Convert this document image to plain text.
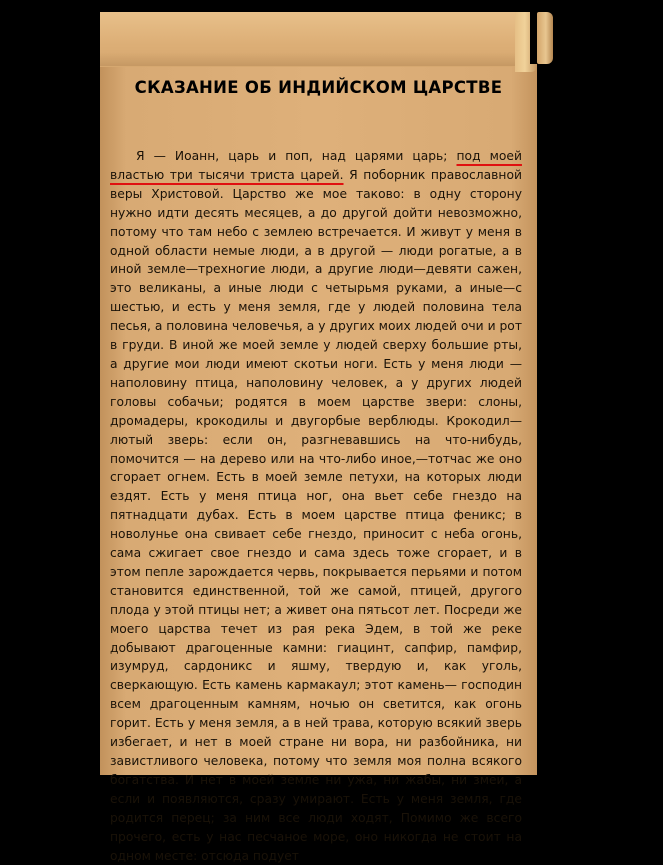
СКАЗАНИЕ ОБ ИНДИЙСКОМ ЦАРСТВЕ

Я — Иоанн, царь и поп, над царями царь; под моей властью три тысячи триста царей. Я поборник православной веры Христовой. Царство же мое таково: в одну сторону нужно идти десять месяцев, а до другой дойти невозможно, потому что там небо с землею встречается. И живут у меня в одной области немые люди, а в другой — люди рогатые, а в иной земле—трехногие люди, а другие люди—девяти сажен, это великаны, а иные люди с четырьмя руками, а иные—с шестью, и есть у меня земля, где у людей половина тела песья, а половина человечья, а у других моих людей очи и рот в груди. В иной же моей земле у людей сверху большие рты, а другие мои люди имеют скотьи ноги. Есть у меня люди — наполовину птица, наполовину человек, а у других людей головы собачьи; родятся в моем царстве звери: слоны, дромадеры, крокодилы и двугорбые верблюды. Крокодил— лютый зверь: если он, разгневавшись на что-нибудь, помочится — на дерево или на что-либо иное,—тотчас же оно сгорает огнем. Есть в моей земле петухи, на которых люди ездят. Есть у меня птица ног, она вьет себе гнездо на пятнадцати дубах. Есть в моем царстве птица феникс; в новолунье она свивает себе гнездо, приносит с неба огонь, сама сжигает свое гнездо и сама здесь тоже сгорает, и в этом пепле зарождается червь, покрывается перьями и потом становится единственной, той же самой, птицей, другого плода у этой птицы нет; а живет она пятьсот лет. Посреди же моего царства течет из рая река Эдем, в той же реке добывают драгоценные камни: гиацинт, сапфир, памфир, изумруд, сардоникс и яшму, твердую и, как уголь, сверкающую. Есть камень кармакаул; этот камень— господин всем драгоценным камням, ночью он светится, как огонь горит. Есть у меня земля, а в ней трава, которую всякий зверь избегает, и нет в моей стране ни вора, ни разбойника, ни завистливого человека, потому что земля моя полна всякого богатства. И нет в моей земле ни ужа, ни жабы, ни змеи, а если и появляются, сразу умирают. Есть у меня земля, где родится перец; за ним все люди ходят, Помимо же всего прочего, есть у нас песчаное море, оно никогда не стоит на одном месте: отсюда подует
